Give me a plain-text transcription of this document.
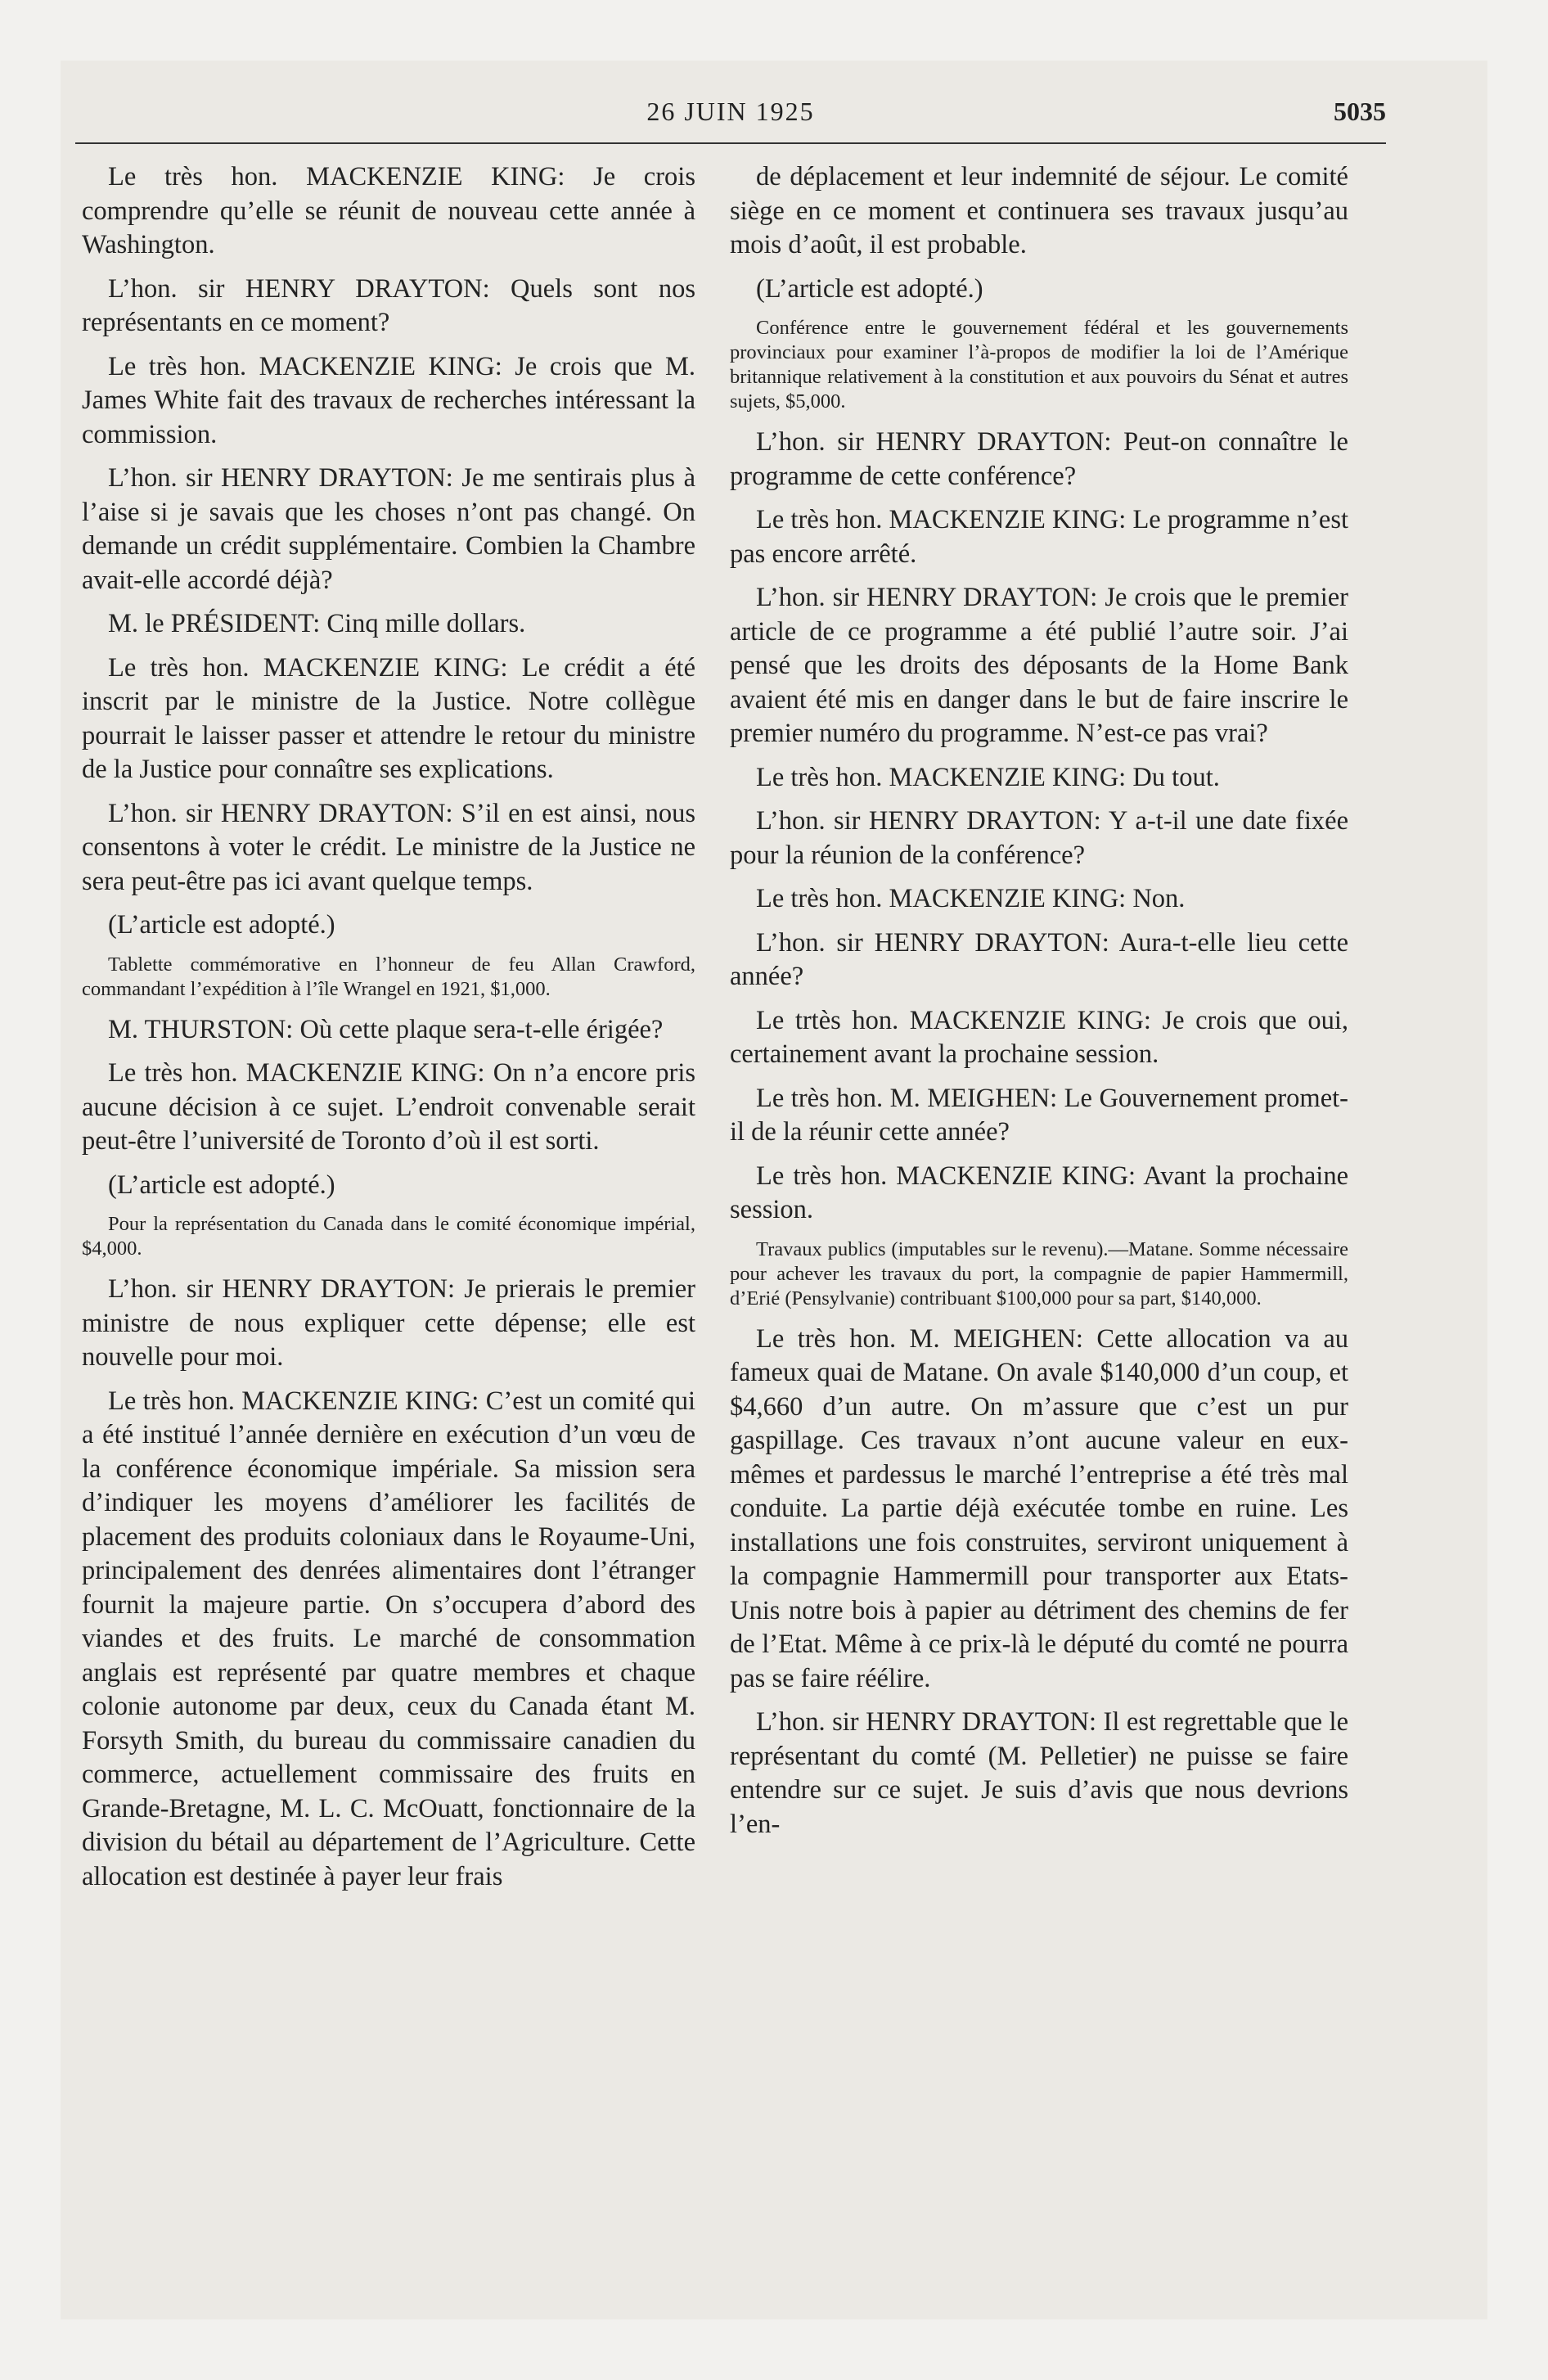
26 JUIN 1925	5035

Le très hon. MACKENZIE KING: Je crois comprendre qu’elle se réunit de nouveau cette année à Washington.

L’hon. sir HENRY DRAYTON: Quels sont nos représentants en ce moment?

Le très hon. MACKENZIE KING: Je crois que M. James White fait des travaux de recherches intéressant la commission.

L’hon. sir HENRY DRAYTON: Je me sentirais plus à l’aise si je savais que les choses n’ont pas changé. On demande un crédit supplémentaire. Combien la Chambre avait-elle accordé déjà?

M. le PRÉSIDENT: Cinq mille dollars.

Le très hon. MACKENZIE KING: Le crédit a été inscrit par le ministre de la Justice. Notre collègue pourrait le laisser passer et attendre le retour du ministre de la Justice pour connaître ses explications.

L’hon. sir HENRY DRAYTON: S’il en est ainsi, nous consentons à voter le crédit. Le ministre de la Justice ne sera peut-être pas ici avant quelque temps.

(L’article est adopté.)

Tablette commémorative en l’honneur de feu Allan Crawford, commandant l’expédition à l’île Wrangel en 1921, $1,000.

M. THURSTON: Où cette plaque sera-t-elle érigée?

Le très hon. MACKENZIE KING: On n’a encore pris aucune décision à ce sujet. L’endroit convenable serait peut-être l’université de Toronto d’où il est sorti.

(L’article est adopté.)

Pour la représentation du Canada dans le comité économique impérial, $4,000.

L’hon. sir HENRY DRAYTON: Je prierais le premier ministre de nous expliquer cette dépense; elle est nouvelle pour moi.

Le très hon. MACKENZIE KING: C’est un comité qui a été institué l’année dernière en exécution d’un vœu de la conférence économique impériale. Sa mission sera d’indiquer les moyens d’améliorer les facilités de placement des produits coloniaux dans le Royaume-Uni, principalement des denrées alimentaires dont l’étranger fournit la majeure partie. On s’occupera d’abord des viandes et des fruits. Le marché de consommation anglais est représenté par quatre membres et chaque colonie autonome par deux, ceux du Canada étant M. Forsyth Smith, du bureau du commissaire canadien du commerce, actuellement commissaire des fruits en Grande-Bretagne, M. L. C. McOuatt, fonctionnaire de la division du bétail au département de l’Agriculture. Cette allocation est destinée à payer leur frais

de déplacement et leur indemnité de séjour. Le comité siège en ce moment et continuera ses travaux jusqu’au mois d’août, il est probable.

(L’article est adopté.)

Conférence entre le gouvernement fédéral et les gouvernements provinciaux pour examiner l’à-propos de modifier la loi de l’Amérique britannique relativement à la constitution et aux pouvoirs du Sénat et autres sujets, $5,000.

L’hon. sir HENRY DRAYTON: Peut-on connaître le programme de cette conférence?

Le très hon. MACKENZIE KING: Le programme n’est pas encore arrêté.

L’hon. sir HENRY DRAYTON: Je crois que le premier article de ce programme a été publié l’autre soir. J’ai pensé que les droits des déposants de la Home Bank avaient été mis en danger dans le but de faire inscrire le premier numéro du programme. N’est-ce pas vrai?

Le très hon. MACKENZIE KING: Du tout.

L’hon. sir HENRY DRAYTON: Y a-t-il une date fixée pour la réunion de la conférence?

Le très hon. MACKENZIE KING: Non.

L’hon. sir HENRY DRAYTON: Aura-t-elle lieu cette année?

Le trtès hon. MACKENZIE KING: Je crois que oui, certainement avant la prochaine session.

Le très hon. M. MEIGHEN: Le Gouvernement promet-il de la réunir cette année?

Le très hon. MACKENZIE KING: Avant la prochaine session.

Travaux publics (imputables sur le revenu).—Matane. Somme nécessaire pour achever les travaux du port, la compagnie de papier Hammermill, d’Erié (Pensylvanie) contribuant $100,000 pour sa part, $140,000.

Le très hon. M. MEIGHEN: Cette allocation va au fameux quai de Matane. On avale $140,000 d’un coup, et $4,660 d’un autre. On m’assure que c’est un pur gaspillage. Ces travaux n’ont aucune valeur en eux-mêmes et pardessus le marché l’entreprise a été très mal conduite. La partie déjà exécutée tombe en ruine. Les installations une fois construites, serviront uniquement à la compagnie Hammermill pour transporter aux Etats-Unis notre bois à papier au détriment des chemins de fer de l’Etat. Même à ce prix-là le député du comté ne pourra pas se faire réélire.

L’hon. sir HENRY DRAYTON: Il est regrettable que le représentant du comté (M. Pelletier) ne puisse se faire entendre sur ce sujet. Je suis d’avis que nous devrions l’en-
